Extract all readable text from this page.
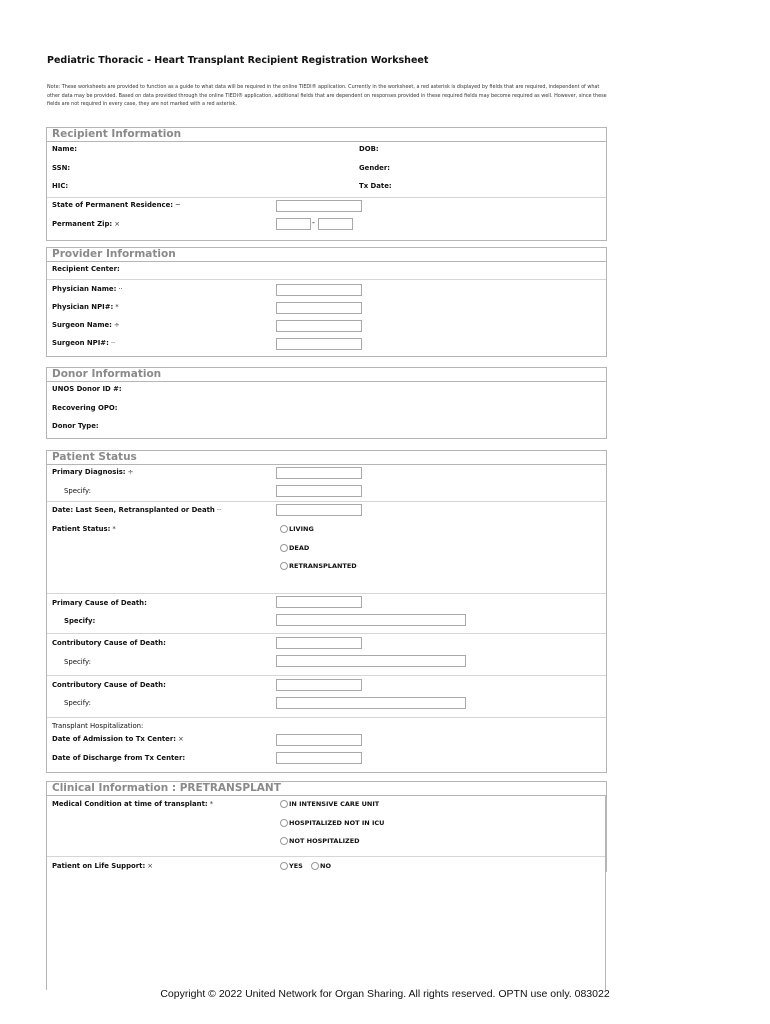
Pediatric Thoracic - Heart Transplant Recipient Registration Worksheet
Note: These worksheets are provided to function as a guide to what data will be required in the online TIEDI® application. Currently in the worksheet, a red asterisk is displayed by fields that are required, independent of what other data may be provided. Based on data provided through the online TIEDI® application, additional fields that are dependent on responses provided in these required fields may become required as well. However, since these fields are not required in every case, they are not marked with a red asterisk.
Recipient Information
Name:	DOB:
SSN:	Gender:
HIC:	Tx Date:
State of Permanent Residence: ~
Permanent Zip: ×	-
Provider Information
Recipient Center:
Physician Name: ··
Physician NPI#: *
Surgeon Name: ÷
Surgeon NPI#: ··
Donor Information
UNOS Donor ID #:
Recovering OPO:
Donor Type:
Patient Status
Primary Diagnosis: ÷
Specify:
Date: Last Seen, Retransplanted or Death ··
Patient Status: *	LIVING
DEAD
RETRANSPLANTED
Primary Cause of Death:
Specify:
Contributory Cause of Death:
Specify:
Contributory Cause of Death:
Specify:
Transplant Hospitalization:
Date of Admission to Tx Center: ×
Date of Discharge from Tx Center:
Clinical Information : PRETRANSPLANT
Medical Condition at time of transplant: *	IN INTENSIVE CARE UNIT
HOSPITALIZED NOT IN ICU
NOT HOSPITALIZED
Patient on Life Support: ×	YES	NO
Copyright © 2022 United Network for Organ Sharing. All rights reserved. OPTN use only. 083022
